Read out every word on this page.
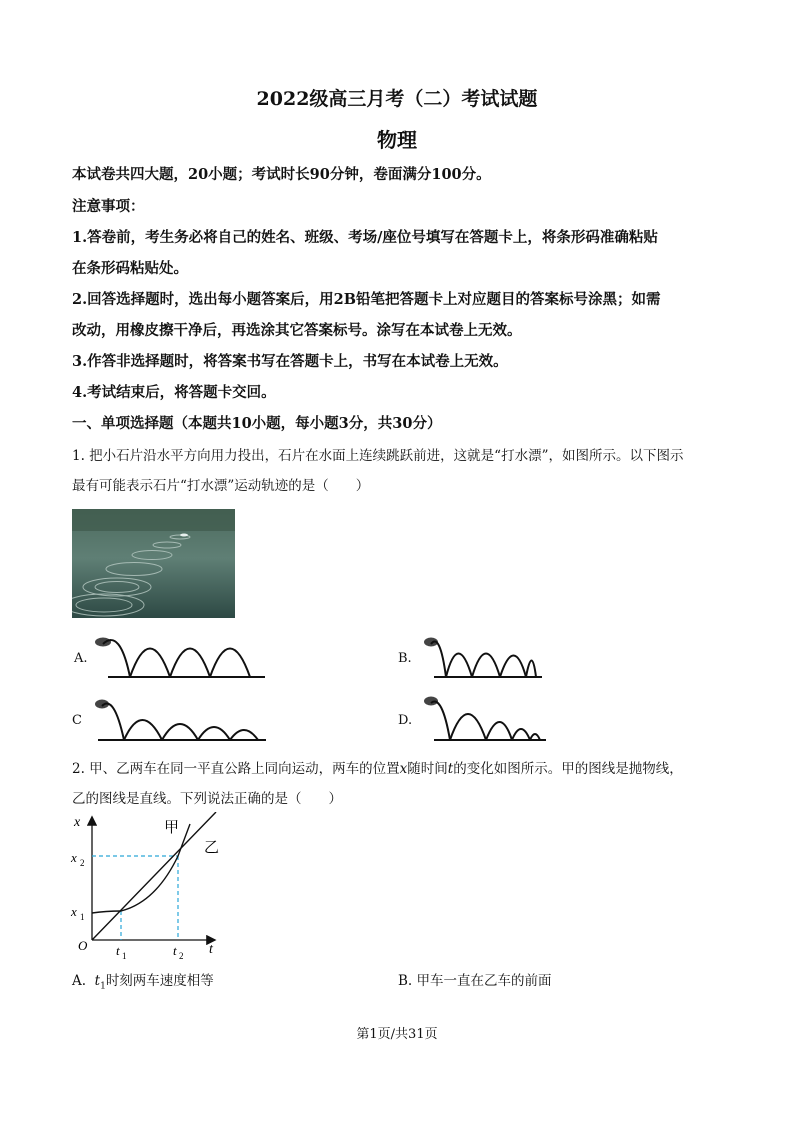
2022级高三月考（二）考试试题
物理
本试卷共四大题，20小题；考试时长90分钟，卷面满分100分。
注意事项：
1.答卷前，考生务必将自己的姓名、班级、考场/座位号填写在答题卡上，将条形码准确粘贴
在条形码粘贴处。
2.回答选择题时，选出每小题答案后，用2B铅笔把答题卡上对应题目的答案标号涂黑；如需
改动，用橡皮擦干净后，再选涂其它答案标号。涂写在本试卷上无效。
3.作答非选择题时，将答案书写在答题卡上，书写在本试卷上无效。
4.考试结束后，将答题卡交回。
一、单项选择题（本题共10小题，每小题3分，共30分）
1. 把小石片沿水平方向用力投出，石片在水面上连续跳跃前进，这就是“打水漂”，如图所示。以下图示
最有可能表示石片“打水漂”运动轨迹的是（　　）
A.	B.
C	D.
2. 甲、乙两车在同一平直公路上同向运动，两车的位置x随时间t的变化如图所示。甲的图线是抛物线，
乙的图线是直线。下列说法正确的是（　　）
x
t
O
x 2
x 1
t 1	t 2
甲
乙
A. $t_1$时刻两车速度相等	B. 甲车一直在乙车的前面
第1页/共31页
